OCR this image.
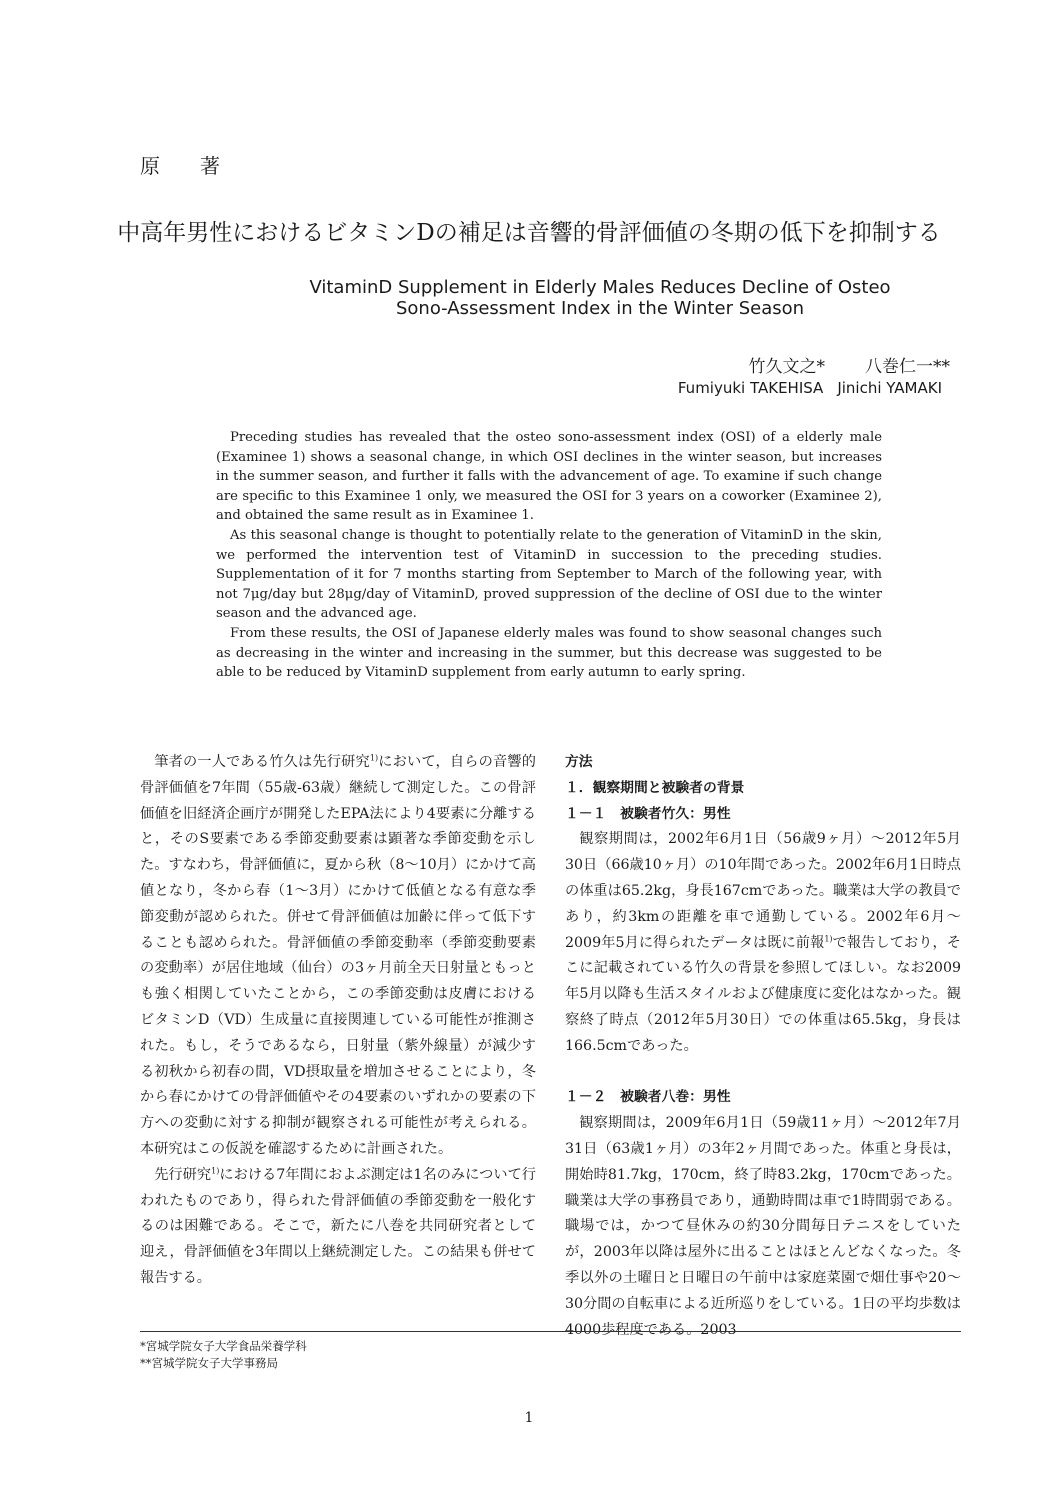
原著
中高年男性におけるビタミンDの補足は音響的骨評価値の冬期の低下を抑制する
VitaminD Supplement in Elderly Males Reduces Decline of Osteo
Sono-Assessment Index in the Winter Season
竹久文之* 八巻仁一**
Fumiyuki TAKEHISA Jinichi YAMAKI

Preceding studies has revealed that the osteo sono-assessment index (OSI) of a elderly male (Examinee 1) shows a seasonal change, in which OSI declines in the winter season, but increases in the summer season, and further it falls with the advancement of age. To examine if such change are specific to this Examinee 1 only, we measured the OSI for 3 years on a coworker (Examinee 2), and obtained the same result as in Examinee 1.

As this seasonal change is thought to potentially relate to the generation of VitaminD in the skin, we performed the intervention test of VitaminD in succession to the preceding studies. Supplementation of it for 7 months starting from September to March of the following year, with not 7μg/day but 28μg/day of VitaminD, proved suppression of the decline of OSI due to the winter season and the advanced age.

From these results, the OSI of Japanese elderly males was found to show seasonal changes such as decreasing in the winter and increasing in the summer, but this decrease was suggested to be able to be reduced by VitaminD supplement from early autumn to early spring.

筆者の一人である竹久は先行研究$^{1)}$において，自らの音響的骨評価値を7年間（55歳-63歳）継続して測定した。この骨評価値を旧経済企画庁が開発したEPA法により4要素に分離すると，そのS要素である季節変動要素は顕著な季節変動を示した。すなわち，骨評価値に，夏から秋（8～10月）にかけて高値となり，冬から春（1～3月）にかけて低値となる有意な季節変動が認められた。併せて骨評価値は加齢に伴って低下することも認められた。骨評価値の季節変動率（季節変動要素の変動率）が居住地域（仙台）の3ヶ月前全天日射量ともっとも強く相関していたことから，この季節変動は皮膚におけるビタミンD（VD）生成量に直接関連している可能性が推測された。もし，そうであるなら，日射量（紫外線量）が減少する初秋から初春の間，VD摂取量を増加させることにより，冬から春にかけての骨評価値やその4要素のいずれかの要素の下方への変動に対する抑制が観察される可能性が考えられる。本研究はこの仮説を確認するために計画された。

先行研究$^{1)}$における7年間におよぶ測定は1名のみについて行われたものであり，得られた骨評価値の季節変動を一般化するのは困難である。そこで，新たに八巻を共同研究者として迎え，骨評価値を3年間以上継続測定した。この結果も併せて報告する。

方法

１．観察期間と被験者の背景

１－１　被験者竹久：男性

観察期間は，2002年6月1日（56歳9ヶ月）～2012年5月30日（66歳10ヶ月）の10年間であった。2002年6月1日時点の体重は65.2kg，身長167cmであった。職業は大学の教員であり，約3kmの距離を車で通勤している。2002年6月～2009年5月に得られたデータは既に前報$^{1)}$で報告しており，そこに記載されている竹久の背景を参照してほしい。なお2009年5月以降も生活スタイルおよび健康度に変化はなかった。観察終了時点（2012年5月30日）での体重は65.5kg，身長は166.5cmであった。

１－２　被験者八巻：男性

観察期間は，2009年6月1日（59歳11ヶ月）～2012年7月31日（63歳1ヶ月）の3年2ヶ月間であった。体重と身長は，開始時81.7kg，170cm，終了時83.2kg，170cmであった。職業は大学の事務員であり，通勤時間は車で1時間弱である。職場では，かつて昼休みの約30分間毎日テニスをしていたが，2003年以降は屋外に出ることはほとんどなくなった。冬季以外の土曜日と日曜日の午前中は家庭菜園で畑仕事や20～30分間の自転車による近所巡りをしている。1日の平均歩数は4000歩程度である。2003

*宮城学院女子大学食品栄養学科
**宮城学院女子大学事務局
1
